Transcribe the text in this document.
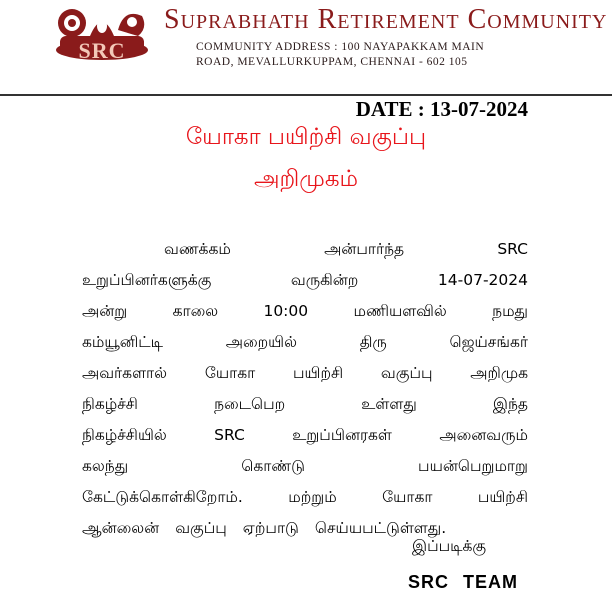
SRC
Suprabhath Retirement Community
COMMUNITY ADDRESS : 100 NAYAPAKKAM MAIN
ROAD, MEVALLURKUPPAM, CHENNAI - 602 105
DATE : 13-07-2024
யோகா பயிற்சி வகுப்பு
அறிமுகம்
வணக்கம்	அன்பார்ந்த	SRC
உறுப்பினர்களுக்கு	வருகின்ற	14-07-2024
அன்று	காலை	10:00	மணியளவில்	நமது
கம்யூனிட்டி	அறையில்	திரு	ஜெய்சங்கர்
அவர்களால் யோகா பயிற்சி வகுப்பு அறிமுக
நிகழ்ச்சி	நடைபெற	உள்ளது	இந்த
நிகழ்ச்சியில்	SRC	உறுப்பினரகள்	அனைவரும்
கலந்து	கொண்டு	பயன்பெறுமாறு
கேட்டுக்கொள்கிறோம்.	மற்றும்	யோகா	பயிற்சி
ஆன்லைன் வகுப்பு ஏற்பாடு செய்யபட்டுள்ளது.
இப்படிக்கு
SRC TEAM
